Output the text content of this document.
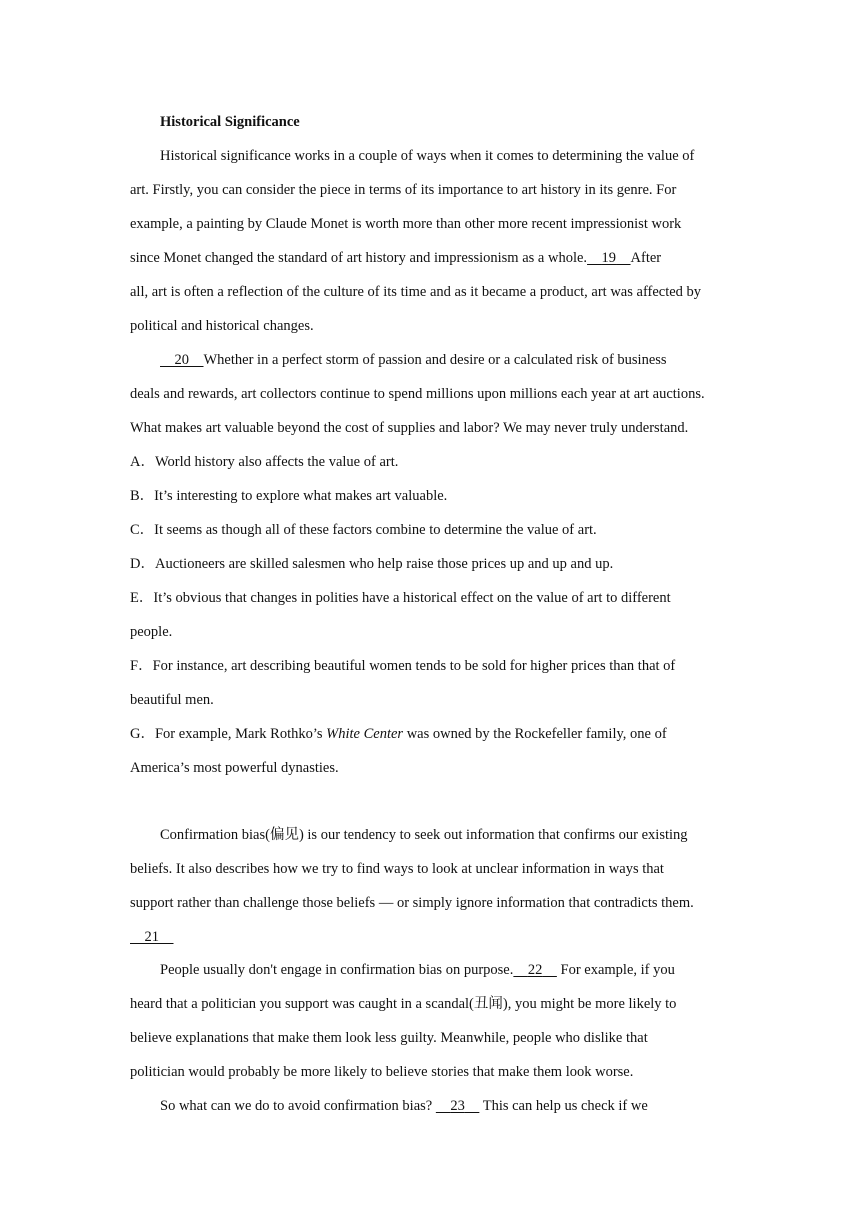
Historical Significance
Historical significance works in a couple of ways when it comes to determining the value of
art. Firstly, you can consider the piece in terms of its importance to art history in its genre. For
example, a painting by Claude Monet is worth more than other more recent impressionist work
since Monet changed the standard of art history and impressionism as a whole. 19 After
all, art is often a reflection of the culture of its time and as it became a product, art was affected by
political and historical changes.
20 Whether in a perfect storm of passion and desire or a calculated risk of business
deals and rewards, art collectors continue to spend millions upon millions each year at art auctions.
What makes art valuable beyond the cost of supplies and labor? We may never truly understand.
A．World history also affects the value of art.
B．It’s interesting to explore what makes art valuable.
C．It seems as though all of these factors combine to determine the value of art.
D．Auctioneers are skilled salesmen who help raise those prices up and up and up.
E．It’s obvious that changes in polities have a historical effect on the value of art to different
people.
F．For instance, art describing beautiful women tends to be sold for higher prices than that of
beautiful men.
G．For example, Mark Rothko’s White Center was owned by the Rockefeller family, one of
America’s most powerful dynasties.
Confirmation bias(偏见) is our tendency to seek out information that confirms our existing
beliefs. It also describes how we try to find ways to look at unclear information in ways that
support rather than challenge those beliefs — or simply ignore information that contradicts them.
21
People usually don't engage in confirmation bias on purpose. 22     For example, if you
heard that a politician you support was caught in a scandal(丑闻), you might be more likely to
believe explanations that make them look less guilty. Meanwhile, people who dislike that
politician would probably be more likely to believe stories that make them look worse.
So what can we do to avoid confirmation bias?     23     This can help us check if we
